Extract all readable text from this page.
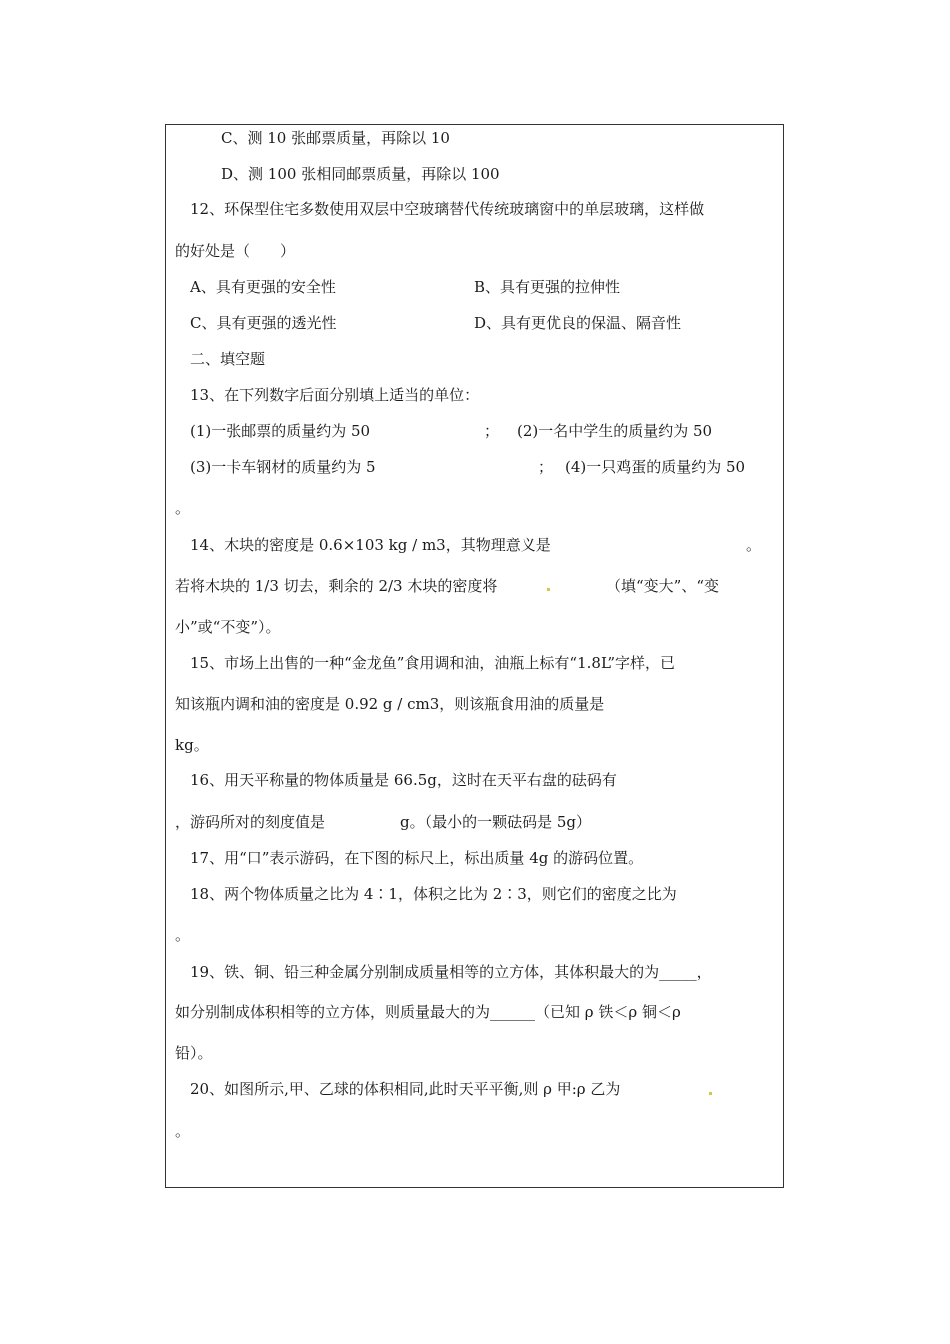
C、测 10 张邮票质量，再除以 10
D、测 100 张相同邮票质量，再除以 100
12、环保型住宅多数使用双层中空玻璃替代传统玻璃窗中的单层玻璃，这样做
的好处是（　　）
A、具有更强的安全性	B、具有更强的拉伸性
C、具有更强的透光性	D、具有更优良的保温、隔音性
二、填空题
13、在下列数字后面分别填上适当的单位：
(1)一张邮票的质量约为 50	； (2)一名中学生的质量约为 50
(3)一卡车钢材的质量约为 5	； (4)一只鸡蛋的质量约为 50
。
14、木块的密度是 0.6×103 kg / m3，其物理意义是	。
若将木块的 1/3 切去，剩余的 2/3 木块的密度将	（填“变大”、“变
小”或“不变”）。
15、市场上出售的一种“金龙鱼”食用调和油，油瓶上标有“1.8L”字样，已
知该瓶内调和油的密度是 0.92 g / cm3，则该瓶食用油的质量是
kg。
16、用天平称量的物体质量是 66.5g，这时在天平右盘的砝码有
，游码所对的刻度值是	g。（最小的一颗砝码是 5g）
17、用“口”表示游码，在下图的标尺上，标出质量 4g 的游码位置。
18、两个物体质量之比为 4∶1，体积之比为 2∶3，则它们的密度之比为
。
19、铁、铜、铅三种金属分别制成质量相等的立方体，其体积最大的为_____，
如分别制成体积相等的立方体，则质量最大的为______（已知 ρ 铁＜ρ 铜＜ρ
铅）。
20、如图所示,甲、乙球的体积相同,此时天平平衡,则 ρ 甲:ρ 乙为
。
